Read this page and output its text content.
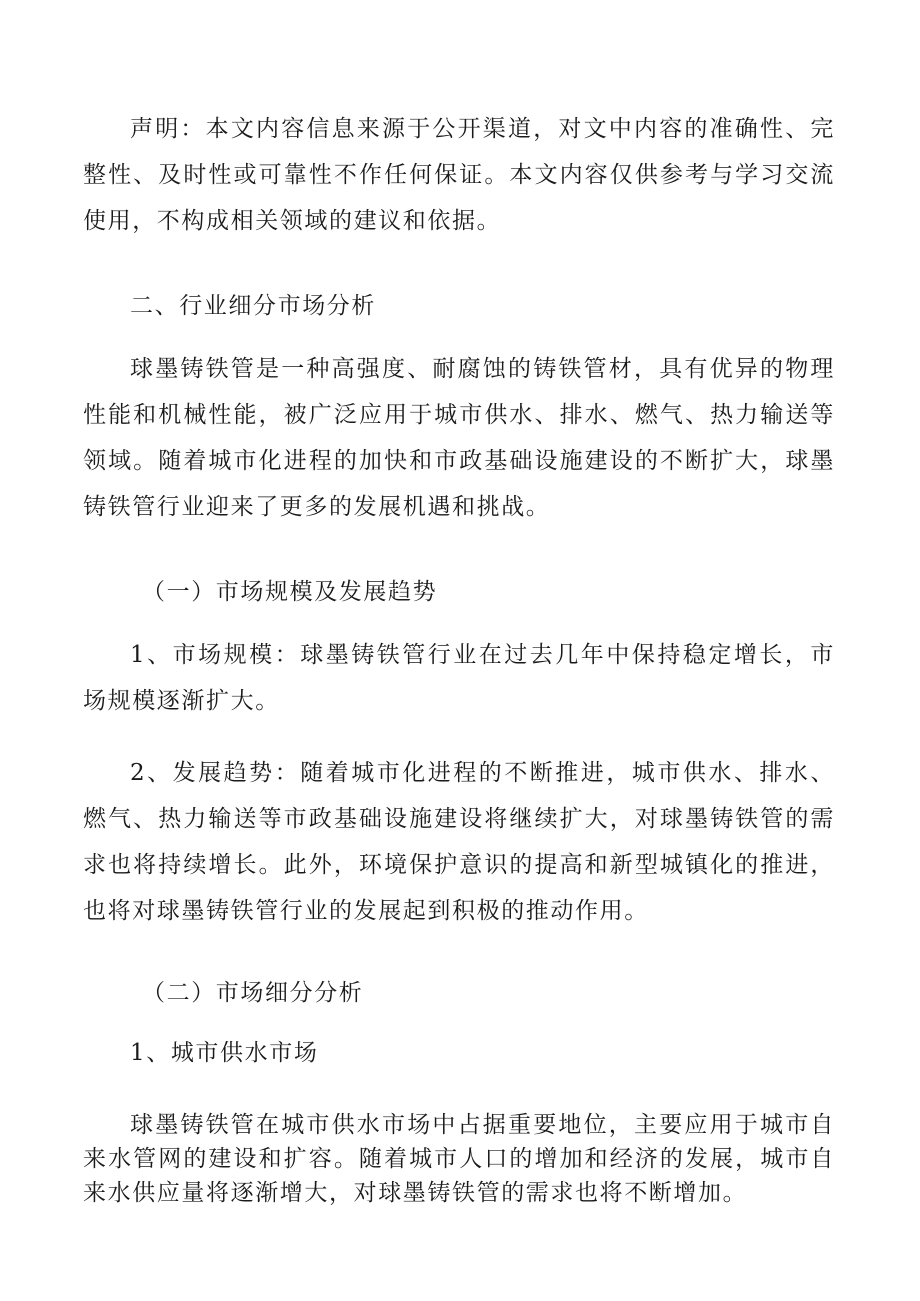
声明：本文内容信息来源于公开渠道，对文中内容的准确性、完整性、及时性或可靠性不作任何保证。本文内容仅供参考与学习交流使用，不构成相关领域的建议和依据。

二、行业细分市场分析

球墨铸铁管是一种高强度、耐腐蚀的铸铁管材，具有优异的物理性能和机械性能，被广泛应用于城市供水、排水、燃气、热力输送等领域。随着城市化进程的加快和市政基础设施建设的不断扩大，球墨铸铁管行业迎来了更多的发展机遇和挑战。

（一）市场规模及发展趋势

1、市场规模：球墨铸铁管行业在过去几年中保持稳定增长，市场规模逐渐扩大。

2、发展趋势：随着城市化进程的不断推进，城市供水、排水、燃气、热力输送等市政基础设施建设将继续扩大，对球墨铸铁管的需求也将持续增长。此外，环境保护意识的提高和新型城镇化的推进，也将对球墨铸铁管行业的发展起到积极的推动作用。

（二）市场细分分析

1、城市供水市场

球墨铸铁管在城市供水市场中占据重要地位，主要应用于城市自来水管网的建设和扩容。随着城市人口的增加和经济的发展，城市自来水供应量将逐渐增大，对球墨铸铁管的需求也将不断增加。
